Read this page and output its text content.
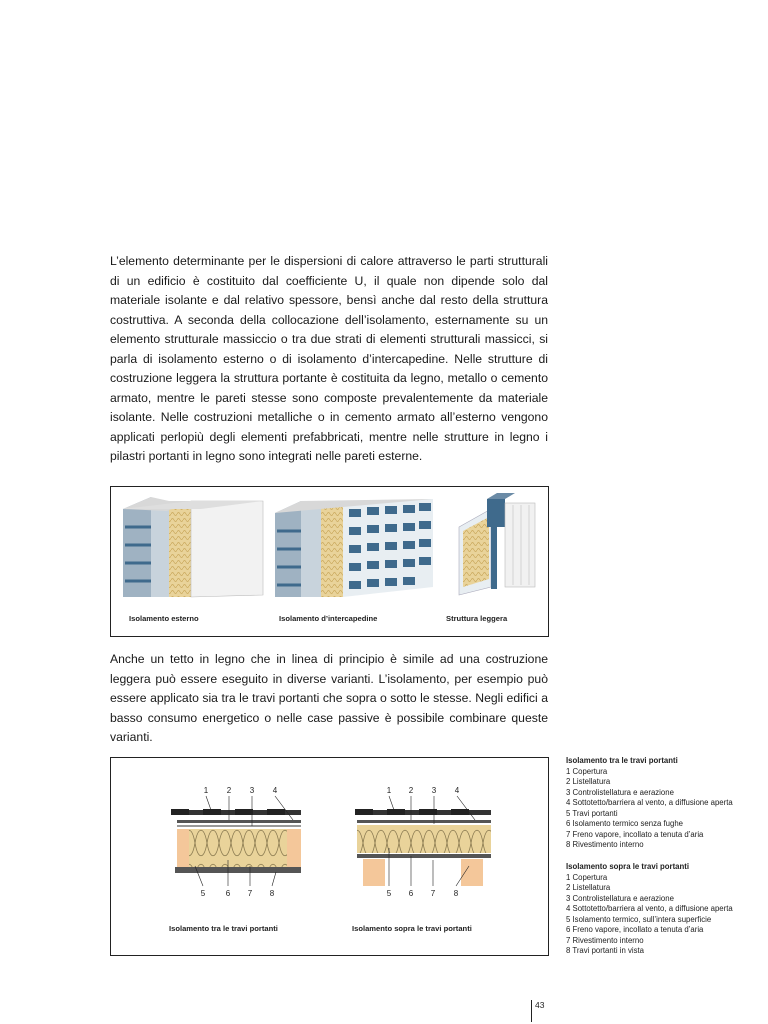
L’elemento determinante per le dispersioni di calore attraverso le parti strutturali di un edificio è costituito dal coefficiente U, il quale non dipende solo dal materiale isolante e dal relativo spessore, bensì anche dal resto della struttura costruttiva. A seconda della collocazione dell’isolamento, esternamente su un elemento strutturale massiccio o tra due strati di elementi strutturali massicci, si parla di isolamento esterno o di isolamento d’intercapedine. Nelle strutture di costruzione leggera la struttura portante è costituita da legno, metallo o cemento armato, mentre le pareti stesse sono composte prevalentemente da materiale isolante. Nelle costruzioni metalliche o in cemento armato all’esterno vengono applicati perlopiù degli elementi prefabbricati, mentre nelle strutture in legno i pilastri portanti in legno sono integrati nelle pareti esterne.

Isolamento esterno	Isolamento d’intercapedine	Struttura leggera

Anche un tetto in legno che in linea di principio è simile ad una costruzione leggera può essere eseguito in diverse varianti. L’isolamento, per esempio può essere applicato sia tra le travi portanti che sopra o sotto le stesse. Negli edifici a basso consumo energetico o nelle case passive è possibile combinare queste varianti.

1 2 3 4
5	6 7 8
1 2 3 4
5 6 7 8
Isolamento tra le travi portanti	Isolamento sopra le travi portanti
Isolamento tra le travi portanti
1 Copertura
2 Listellatura
3 Controlistellatura e aerazione
4 Sottotetto/barriera al vento, a diffusione aperta
5 Travi portanti
6 Isolamento termico senza fughe
7 Freno vapore, incollato a tenuta d’aria
8 Rivestimento interno
Isolamento sopra le travi portanti
1 Copertura
2 Listellatura
3 Controlistellatura e aerazione
4 Sottotetto/barriera al vento, a diffusione aperta
5 Isolamento termico, sull’intera superficie
6 Freno vapore, incollato a tenuta d’aria
7 Rivestimento interno
8 Travi portanti in vista
43
